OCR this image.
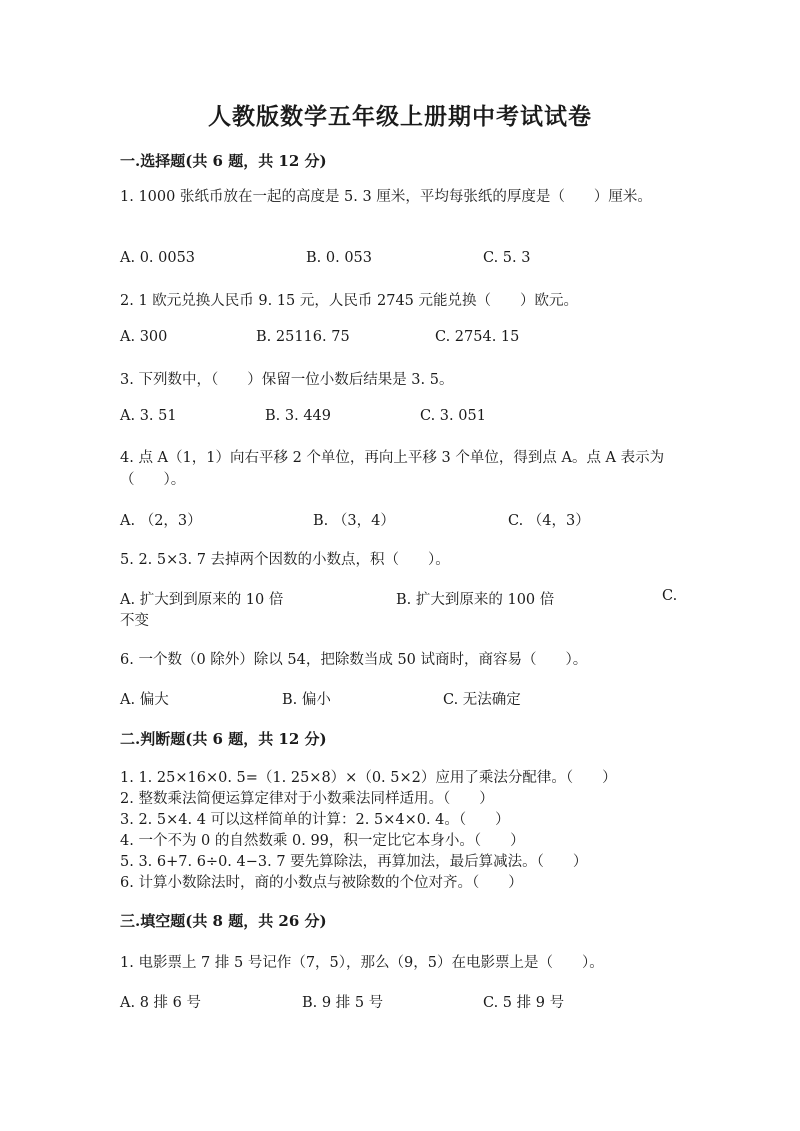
人教版数学五年级上册期中考试试卷
一.选择题(共 6 题，共 12 分)
1. 1000 张纸币放在一起的高度是 5. 3 厘米，平均每张纸的厚度是（　　）厘米。
A. 0. 0053	B. 0. 053	C. 5. 3
2. 1 欧元兑换人民币 9. 15 元，人民币 2745 元能兑换（　　）欧元。
A. 300	B. 25116. 75	C. 2754. 15
3. 下列数中，（　　）保留一位小数后结果是 3. 5。
A. 3. 51	B. 3. 449	C. 3. 051
4. 点 A（1，1）向右平移 2 个单位，再向上平移 3 个单位，得到点 A。点 A 表示为（　　）。
A. （2，3）	B. （3，4）	C. （4，3）
5. 2. 5×3. 7 去掉两个因数的小数点，积（　　）。
A. 扩大到到原来的 10 倍	B. 扩大到原来的 100 倍	C.
不变
6. 一个数（0 除外）除以 54，把除数当成 50 试商时，商容易（　　）。
A. 偏大	B. 偏小	C. 无法确定
二.判断题(共 6 题，共 12 分)
1. 1. 25×16×0. 5=（1. 25×8）×（0. 5×2）应用了乘法分配律。（　　）
2. 整数乘法简便运算定律对于小数乘法同样适用。（　　）
3. 2. 5×4. 4 可以这样简单的计算：2. 5×4×0. 4。（　　）
4. 一个不为 0 的自然数乘 0. 99，积一定比它本身小。（　　）
5. 3. 6+7. 6÷0. 4−3. 7 要先算除法，再算加法，最后算减法。（　　）
6. 计算小数除法时，商的小数点与被除数的个位对齐。（　　）
三.填空题(共 8 题，共 26 分)
1. 电影票上 7 排 5 号记作（7，5），那么（9，5）在电影票上是（　　）。
A. 8 排 6 号	B. 9 排 5 号	C. 5 排 9 号
